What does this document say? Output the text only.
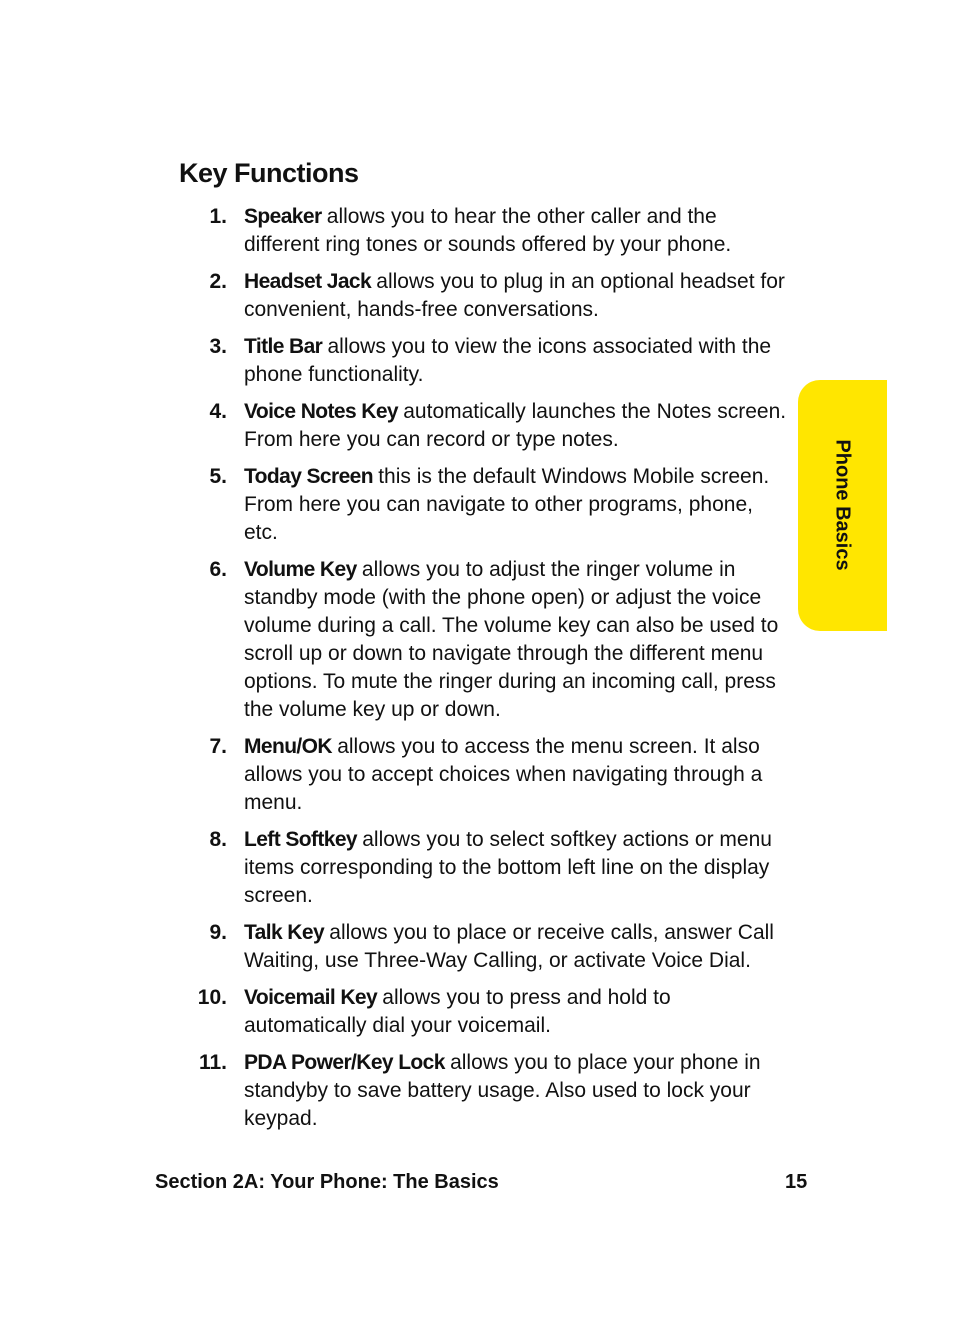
Key Functions
1. Speaker allows you to hear the other caller and the different ring tones or sounds offered by your phone.
2. Headset Jack allows you to plug in an optional headset for convenient, hands-free conversations.
3. Title Bar allows you to view the icons associated with the phone functionality.
4. Voice Notes Key automatically launches the Notes screen. From here you can record or type notes.
5. Today Screen this is the default Windows Mobile screen. From here you can navigate to other programs, phone, etc.
6. Volume Key allows you to adjust the ringer volume in standby mode (with the phone open) or adjust the voice volume during a call. The volume key can also be used to scroll up or down to navigate through the different menu options. To mute the ringer during an incoming call, press the volume key up or down.
7. Menu/OK allows you to access the menu screen. It also allows you to accept choices when navigating through a menu.
8. Left Softkey allows you to select softkey actions or menu items corresponding to the bottom left line on the display screen.
9. Talk Key allows you to place or receive calls, answer Call Waiting, use Three-Way Calling, or activate Voice Dial.
10. Voicemail Key allows you to press and hold to automatically dial your voicemail.
11. PDA Power/Key Lock allows you to place your phone in standyby to save battery usage. Also used to lock your keypad.
Phone Basics
Section 2A: Your Phone: The Basics	15
